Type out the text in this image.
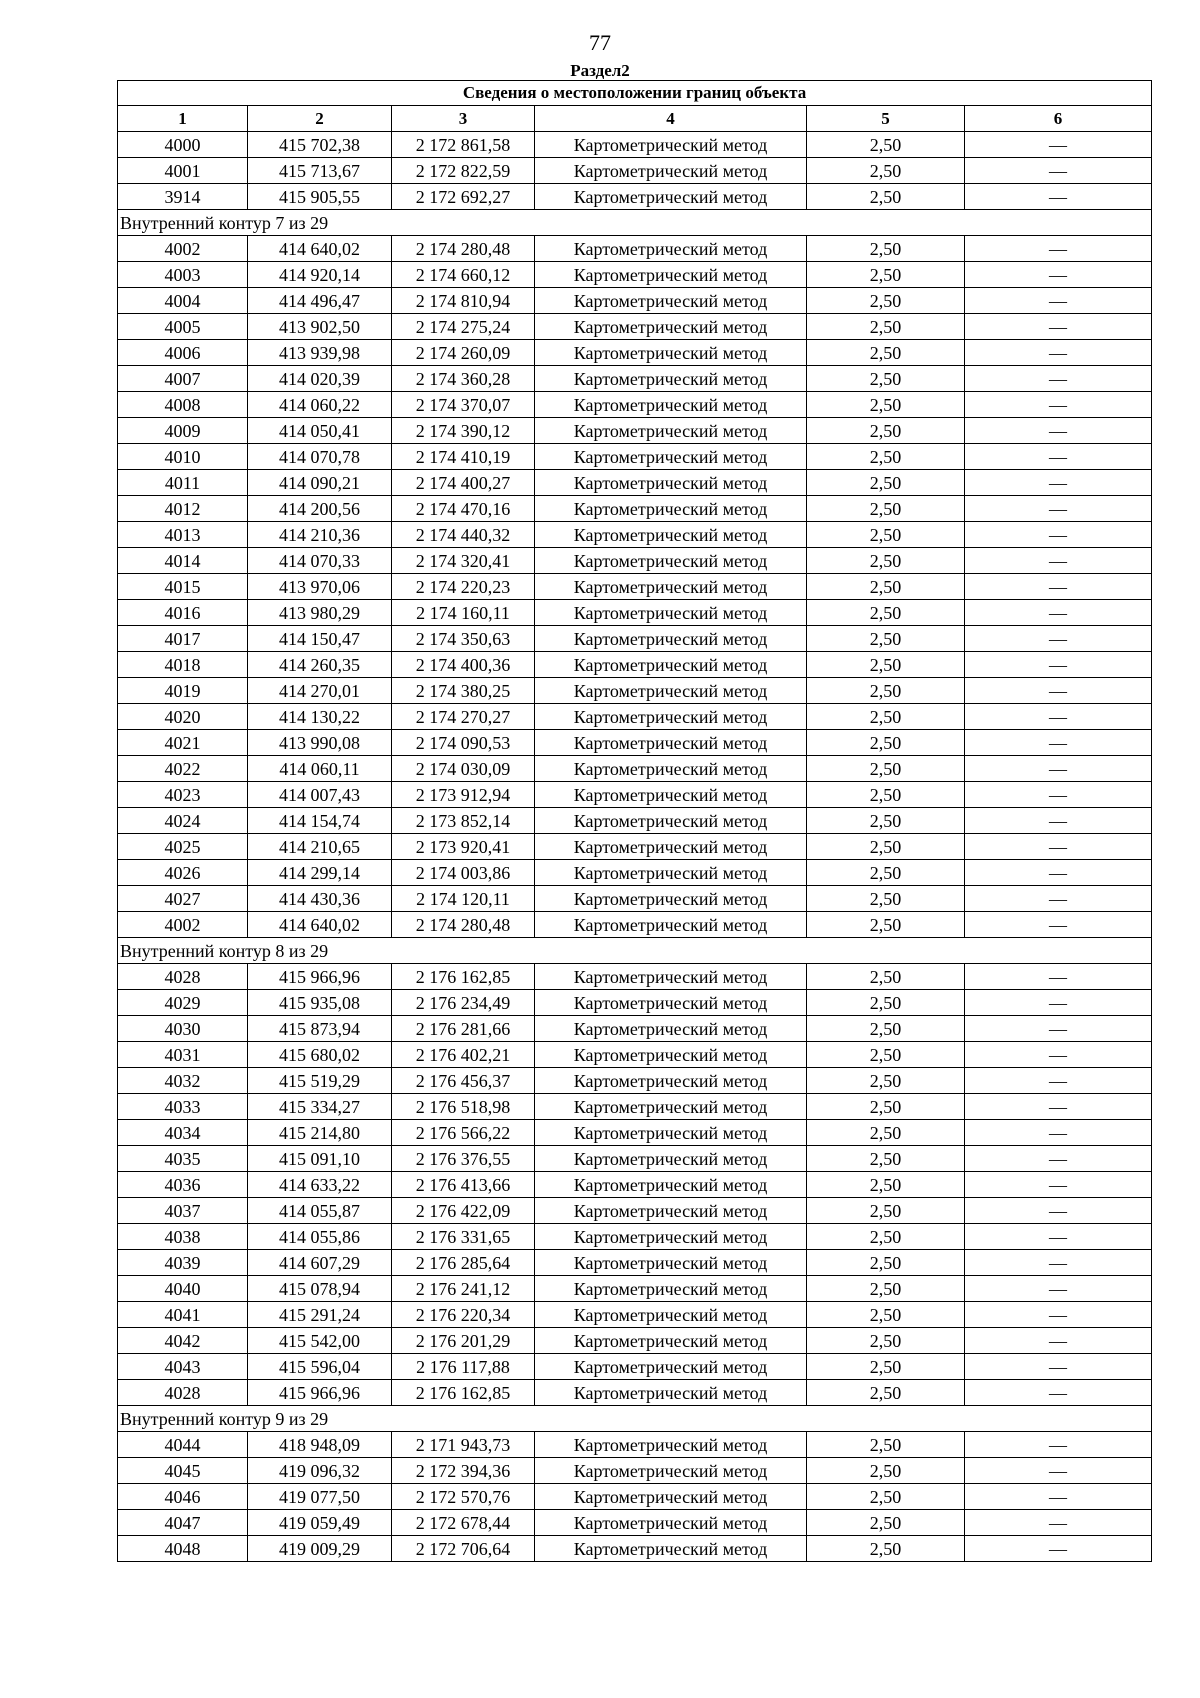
77
Раздел2
Сведения о местоположении границ объекта					
1	2	3	4	5	6
4000	415 702,38	2 172 861,58	Картометрический метод	2,50	—
4001	415 713,67	2 172 822,59	Картометрический метод	2,50	—
3914	415 905,55	2 172 692,27	Картометрический метод	2,50	—
Внутренний контур 7 из 29					
4002	414 640,02	2 174 280,48	Картометрический метод	2,50	—
4003	414 920,14	2 174 660,12	Картометрический метод	2,50	—
4004	414 496,47	2 174 810,94	Картометрический метод	2,50	—
4005	413 902,50	2 174 275,24	Картометрический метод	2,50	—
4006	413 939,98	2 174 260,09	Картометрический метод	2,50	—
4007	414 020,39	2 174 360,28	Картометрический метод	2,50	—
4008	414 060,22	2 174 370,07	Картометрический метод	2,50	—
4009	414 050,41	2 174 390,12	Картометрический метод	2,50	—
4010	414 070,78	2 174 410,19	Картометрический метод	2,50	—
4011	414 090,21	2 174 400,27	Картометрический метод	2,50	—
4012	414 200,56	2 174 470,16	Картометрический метод	2,50	—
4013	414 210,36	2 174 440,32	Картометрический метод	2,50	—
4014	414 070,33	2 174 320,41	Картометрический метод	2,50	—
4015	413 970,06	2 174 220,23	Картометрический метод	2,50	—
4016	413 980,29	2 174 160,11	Картометрический метод	2,50	—
4017	414 150,47	2 174 350,63	Картометрический метод	2,50	—
4018	414 260,35	2 174 400,36	Картометрический метод	2,50	—
4019	414 270,01	2 174 380,25	Картометрический метод	2,50	—
4020	414 130,22	2 174 270,27	Картометрический метод	2,50	—
4021	413 990,08	2 174 090,53	Картометрический метод	2,50	—
4022	414 060,11	2 174 030,09	Картометрический метод	2,50	—
4023	414 007,43	2 173 912,94	Картометрический метод	2,50	—
4024	414 154,74	2 173 852,14	Картометрический метод	2,50	—
4025	414 210,65	2 173 920,41	Картометрический метод	2,50	—
4026	414 299,14	2 174 003,86	Картометрический метод	2,50	—
4027	414 430,36	2 174 120,11	Картометрический метод	2,50	—
4002	414 640,02	2 174 280,48	Картометрический метод	2,50	—
Внутренний контур 8 из 29					
4028	415 966,96	2 176 162,85	Картометрический метод	2,50	—
4029	415 935,08	2 176 234,49	Картометрический метод	2,50	—
4030	415 873,94	2 176 281,66	Картометрический метод	2,50	—
4031	415 680,02	2 176 402,21	Картометрический метод	2,50	—
4032	415 519,29	2 176 456,37	Картометрический метод	2,50	—
4033	415 334,27	2 176 518,98	Картометрический метод	2,50	—
4034	415 214,80	2 176 566,22	Картометрический метод	2,50	—
4035	415 091,10	2 176 376,55	Картометрический метод	2,50	—
4036	414 633,22	2 176 413,66	Картометрический метод	2,50	—
4037	414 055,87	2 176 422,09	Картометрический метод	2,50	—
4038	414 055,86	2 176 331,65	Картометрический метод	2,50	—
4039	414 607,29	2 176 285,64	Картометрический метод	2,50	—
4040	415 078,94	2 176 241,12	Картометрический метод	2,50	—
4041	415 291,24	2 176 220,34	Картометрический метод	2,50	—
4042	415 542,00	2 176 201,29	Картометрический метод	2,50	—
4043	415 596,04	2 176 117,88	Картометрический метод	2,50	—
4028	415 966,96	2 176 162,85	Картометрический метод	2,50	—
Внутренний контур 9 из 29					
4044	418 948,09	2 171 943,73	Картометрический метод	2,50	—
4045	419 096,32	2 172 394,36	Картометрический метод	2,50	—
4046	419 077,50	2 172 570,76	Картометрический метод	2,50	—
4047	419 059,49	2 172 678,44	Картометрический метод	2,50	—
4048	419 009,29	2 172 706,64	Картометрический метод	2,50	—
